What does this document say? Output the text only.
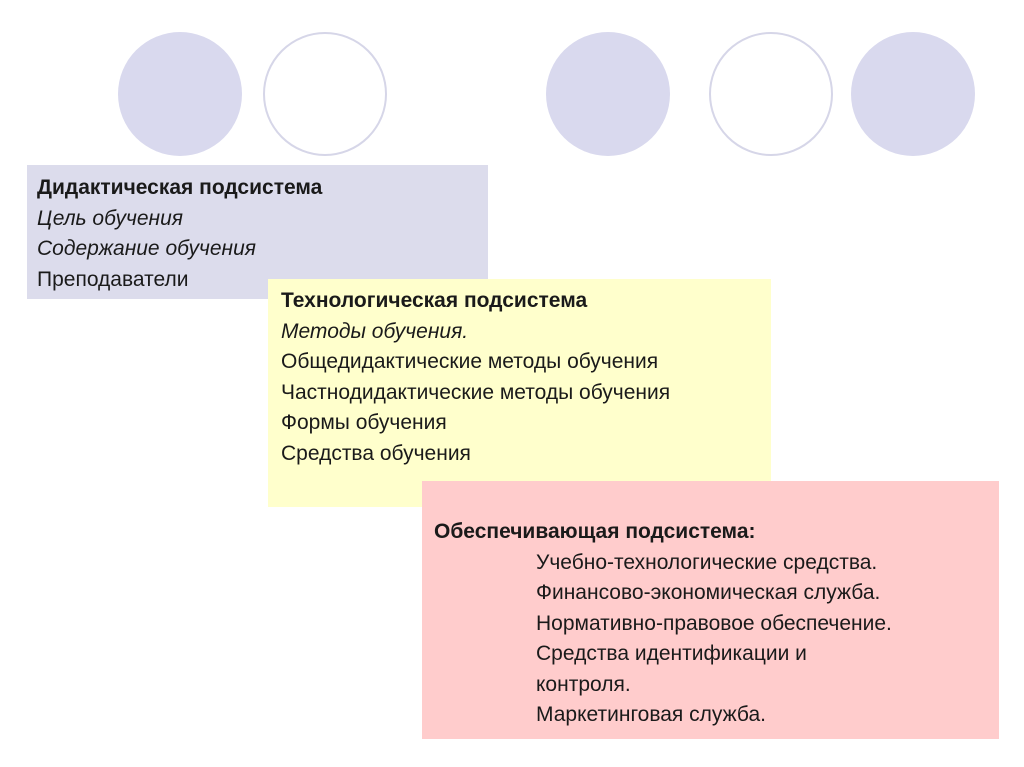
Дидактическая подсистема

Цель обучения

Содержание обучения

Преподаватели

Технологическая подсистема

Методы обучения.

Общедидактические методы обучения

Частнодидактические методы обучения

Формы обучения

Средства обучения

Обеспечивающая подсистема:

Учебно-технологические средства.

Финансово-экономическая служба.

Нормативно-правовое обеспечение.

Средства идентификации и

контроля.

Маркетинговая служба.
